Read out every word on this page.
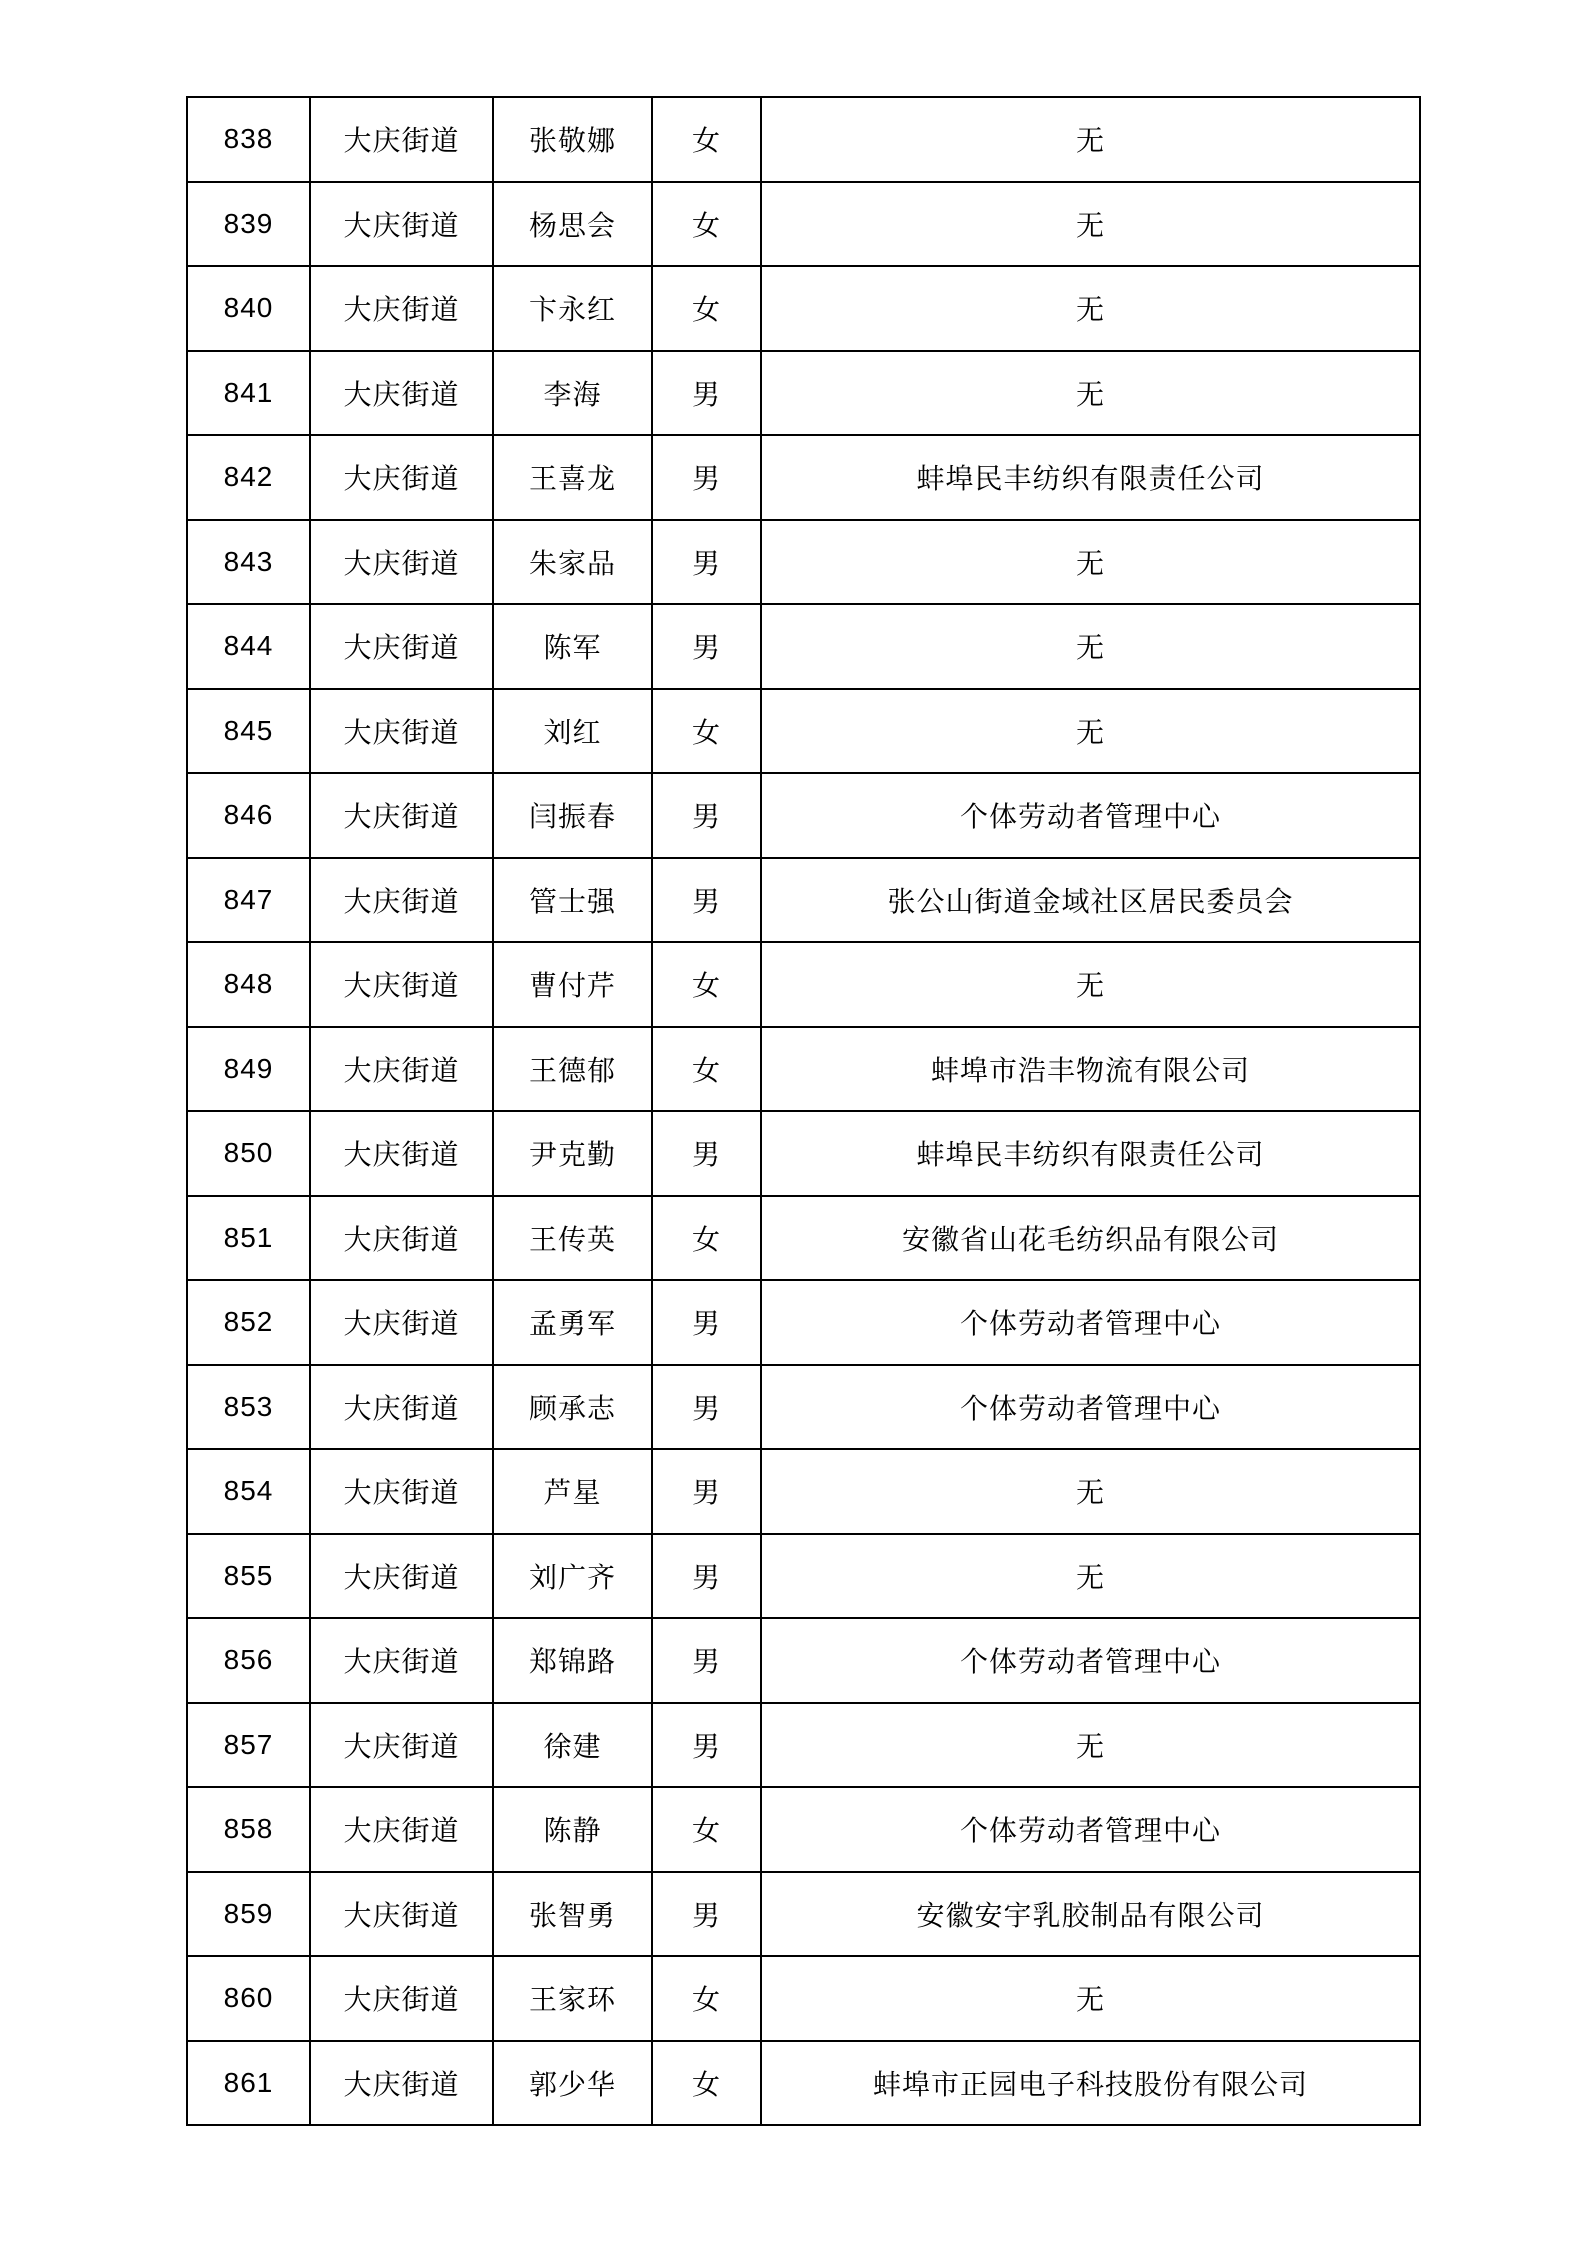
838	大庆街道	张敬娜	女	无
839	大庆街道	杨思会	女	无
840	大庆街道	卞永红	女	无
841	大庆街道	李海	男	无
842	大庆街道	王喜龙	男	蚌埠民丰纺织有限责任公司
843	大庆街道	朱家品	男	无
844	大庆街道	陈军	男	无
845	大庆街道	刘红	女	无
846	大庆街道	闫振春	男	个体劳动者管理中心
847	大庆街道	管士强	男	张公山街道金域社区居民委员会
848	大庆街道	曹付芹	女	无
849	大庆街道	王德郁	女	蚌埠市浩丰物流有限公司
850	大庆街道	尹克勤	男	蚌埠民丰纺织有限责任公司
851	大庆街道	王传英	女	安徽省山花毛纺织品有限公司
852	大庆街道	孟勇军	男	个体劳动者管理中心
853	大庆街道	顾承志	男	个体劳动者管理中心
854	大庆街道	芦星	男	无
855	大庆街道	刘广齐	男	无
856	大庆街道	郑锦路	男	个体劳动者管理中心
857	大庆街道	徐建	男	无
858	大庆街道	陈静	女	个体劳动者管理中心
859	大庆街道	张智勇	男	安徽安宇乳胶制品有限公司
860	大庆街道	王家环	女	无
861	大庆街道	郭少华	女	蚌埠市正园电子科技股份有限公司
